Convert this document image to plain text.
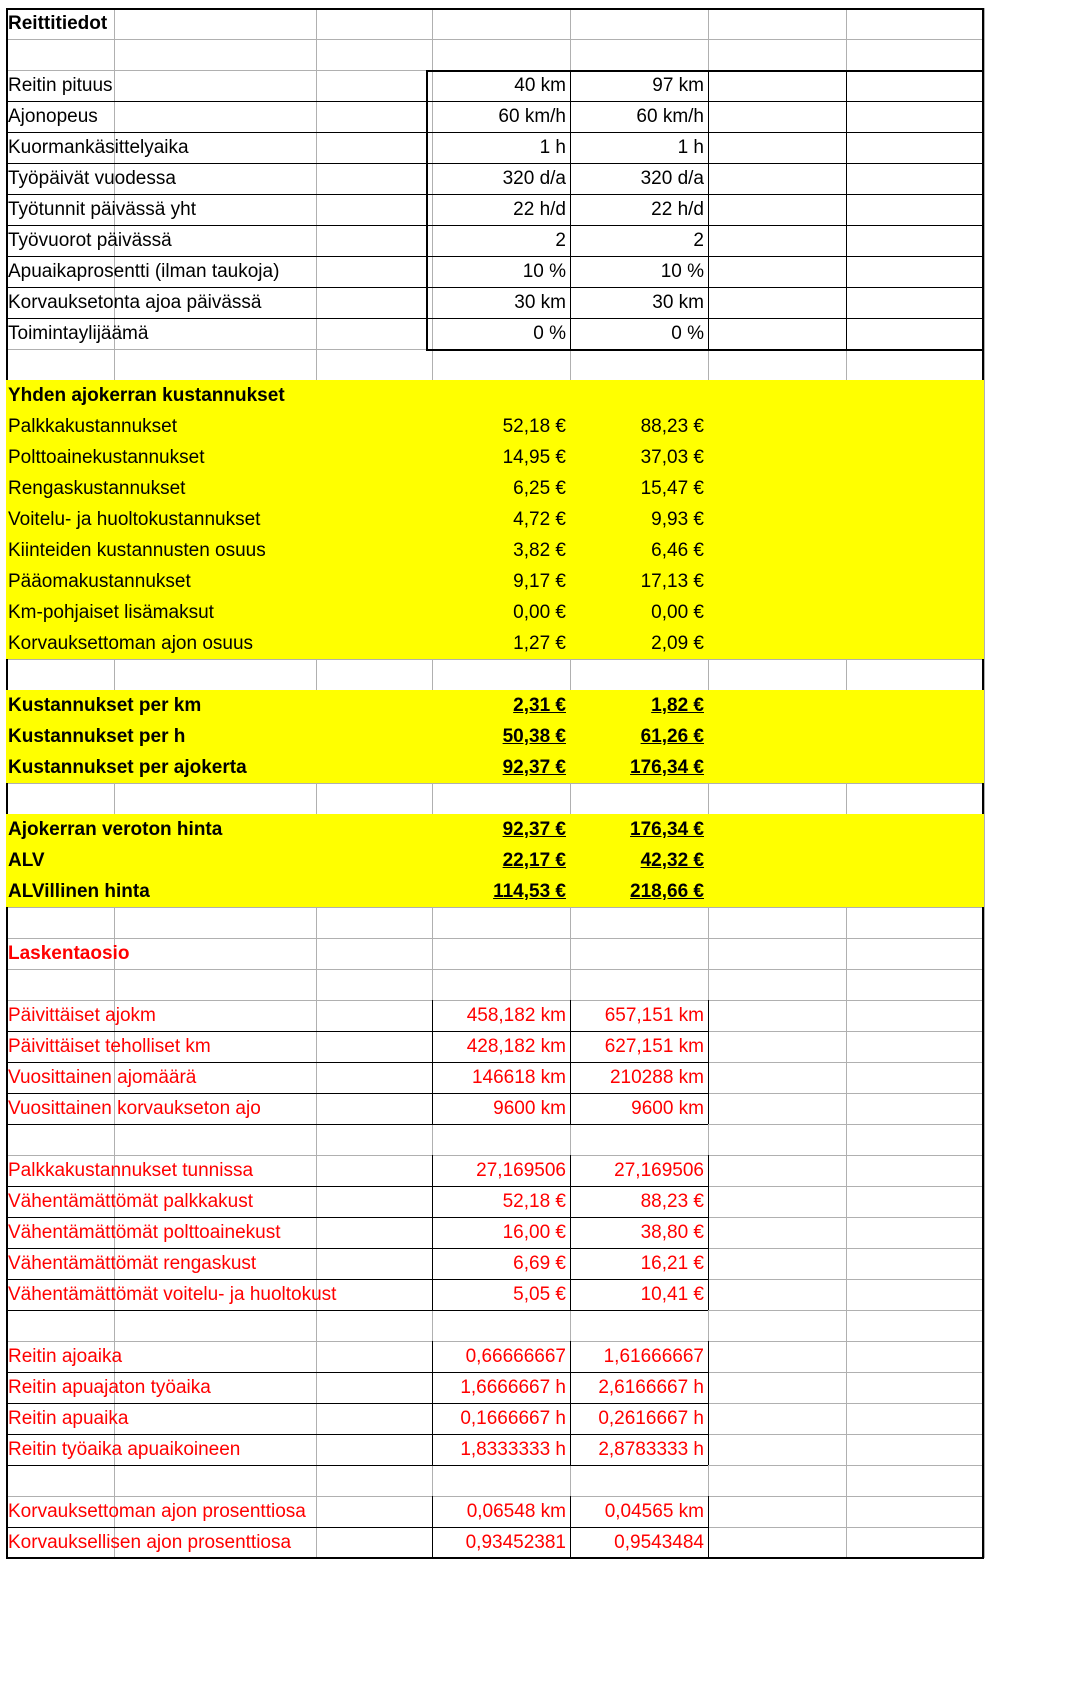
Reittitiedot
Reitin pituus	40 km	97 km
Ajonopeus	60 km/h	60 km/h
Kuormankäsittelyaika	1 h	1 h
Työpäivät vuodessa	320 d/a	320 d/a
Työtunnit päivässä yht	22 h/d	22 h/d
Työvuorot päivässä	2	2
Apuaikaprosentti (ilman taukoja)	10 %	10 %
Korvauksetonta ajoa päivässä	30 km	30 km
Toimintaylijäämä	0 %	0 %
Yhden ajokerran kustannukset
Palkkakustannukset	52,18 €	88,23 €
Polttoainekustannukset	14,95 €	37,03 €
Rengaskustannukset	6,25 €	15,47 €
Voitelu- ja huoltokustannukset	4,72 €	9,93 €
Kiinteiden kustannusten osuus	3,82 €	6,46 €
Pääomakustannukset	9,17 €	17,13 €
Km-pohjaiset lisämaksut	0,00 €	0,00 €
Korvauksettoman ajon osuus	1,27 €	2,09 €
Kustannukset per km	2,31 €	1,82 €
Kustannukset per h	50,38 €	61,26 €
Kustannukset per ajokerta	92,37 €	176,34 €
Ajokerran veroton hinta	92,37 €	176,34 €
ALV	22,17 €	42,32 €
ALVillinen hinta	114,53 €	218,66 €
Laskentaosio
Päivittäiset ajokm	458,182 km	657,151 km
Päivittäiset teholliset km	428,182 km	627,151 km
Vuosittainen ajomäärä	146618 km	210288 km
Vuosittainen korvaukseton ajo	9600 km	9600 km
Palkkakustannukset tunnissa	27,169506	27,169506
Vähentämättömät palkkakust	52,18 €	88,23 €
Vähentämättömät polttoainekust	16,00 €	38,80 €
Vähentämättömät rengaskust	6,69 €	16,21 €
Vähentämättömät voitelu- ja huoltokust	5,05 €	10,41 €
Reitin ajoaika	0,66666667	1,61666667
Reitin apuajaton työaika	1,6666667 h	2,6166667 h
Reitin apuaika	0,1666667 h	0,2616667 h
Reitin työaika apuaikoineen	1,8333333 h	2,8783333 h
Korvauksettoman ajon prosenttiosa	0,06548 km	0,04565 km
Korvauksellisen ajon prosenttiosa	0,93452381	0,9543484
